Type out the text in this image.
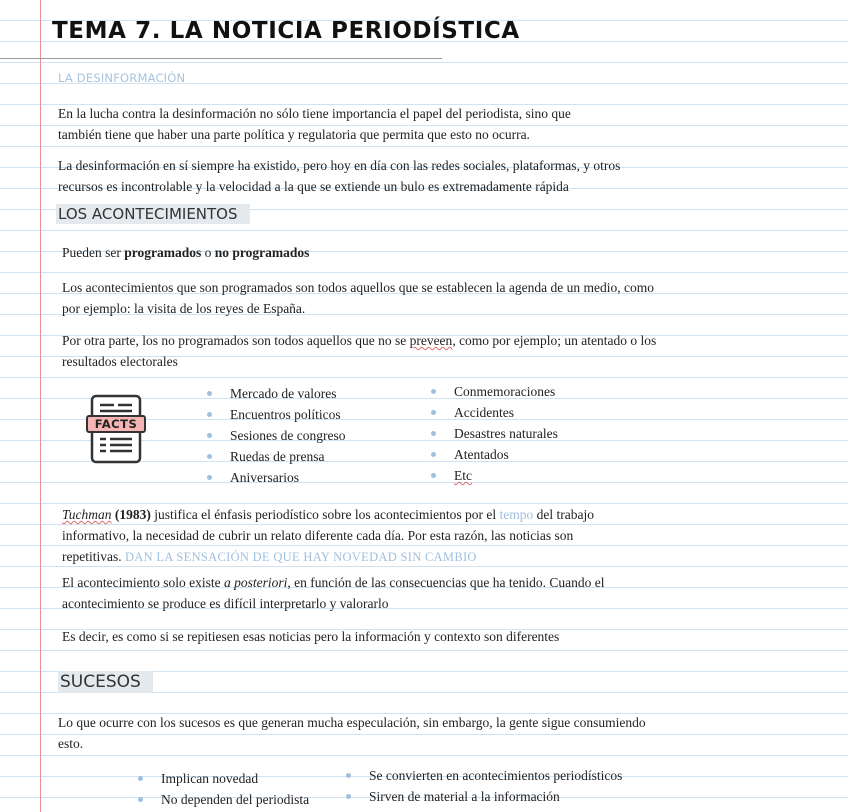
TEMA 7. LA NOTICIA PERIODÍSTICA
LA DESINFORMACIÓN
En la lucha contra la desinformación no sólo tiene importancia el papel del periodista, sino que
también tiene que haber una parte política y regulatoria que permita que esto no ocurra.
La desinformación en sí siempre ha existido, pero hoy en día con las redes sociales, plataformas, y otros
recursos es incontrolable y la velocidad a la que se extiende un bulo es extremadamente rápida
LOS ACONTECIMIENTOS
Pueden ser programados o no programados
Los acontecimientos que son programados son todos aquellos que se establecen la agenda de un medio, como
por ejemplo: la visita de los reyes de España.
Por otra parte, los no programados son todos aquellos que no se preveen, como por ejemplo; un atentado o los
resultados electorales
FACTS
Mercado de valores
Encuentros políticos
Sesiones de congreso
Ruedas de prensa
Aniversarios
Conmemoraciones
Accidentes
Desastres naturales
Atentados
Etc
Tuchman (1983) justifica el énfasis periodístico sobre los acontecimientos por el tempo del trabajo
informativo, la necesidad de cubrir un relato diferente cada día. Por esta razón, las noticias son
repetitivas. DAN LA SENSACIÓN DE QUE HAY NOVEDAD SIN CAMBIO
El acontecimiento solo existe a posteriori, en función de las consecuencias que ha tenido. Cuando el
acontecimiento se produce es difícil interpretarlo y valorarlo
Es decir, es como si se repitiesen esas noticias pero la información y contexto son diferentes
SUCESOS
Lo que ocurre con los sucesos es que generan mucha especulación, sin embargo, la gente sigue consumiendo
esto.
Implican novedad
No dependen del periodista
Se convierten en acontecimientos periodísticos
Sirven de material a la información
